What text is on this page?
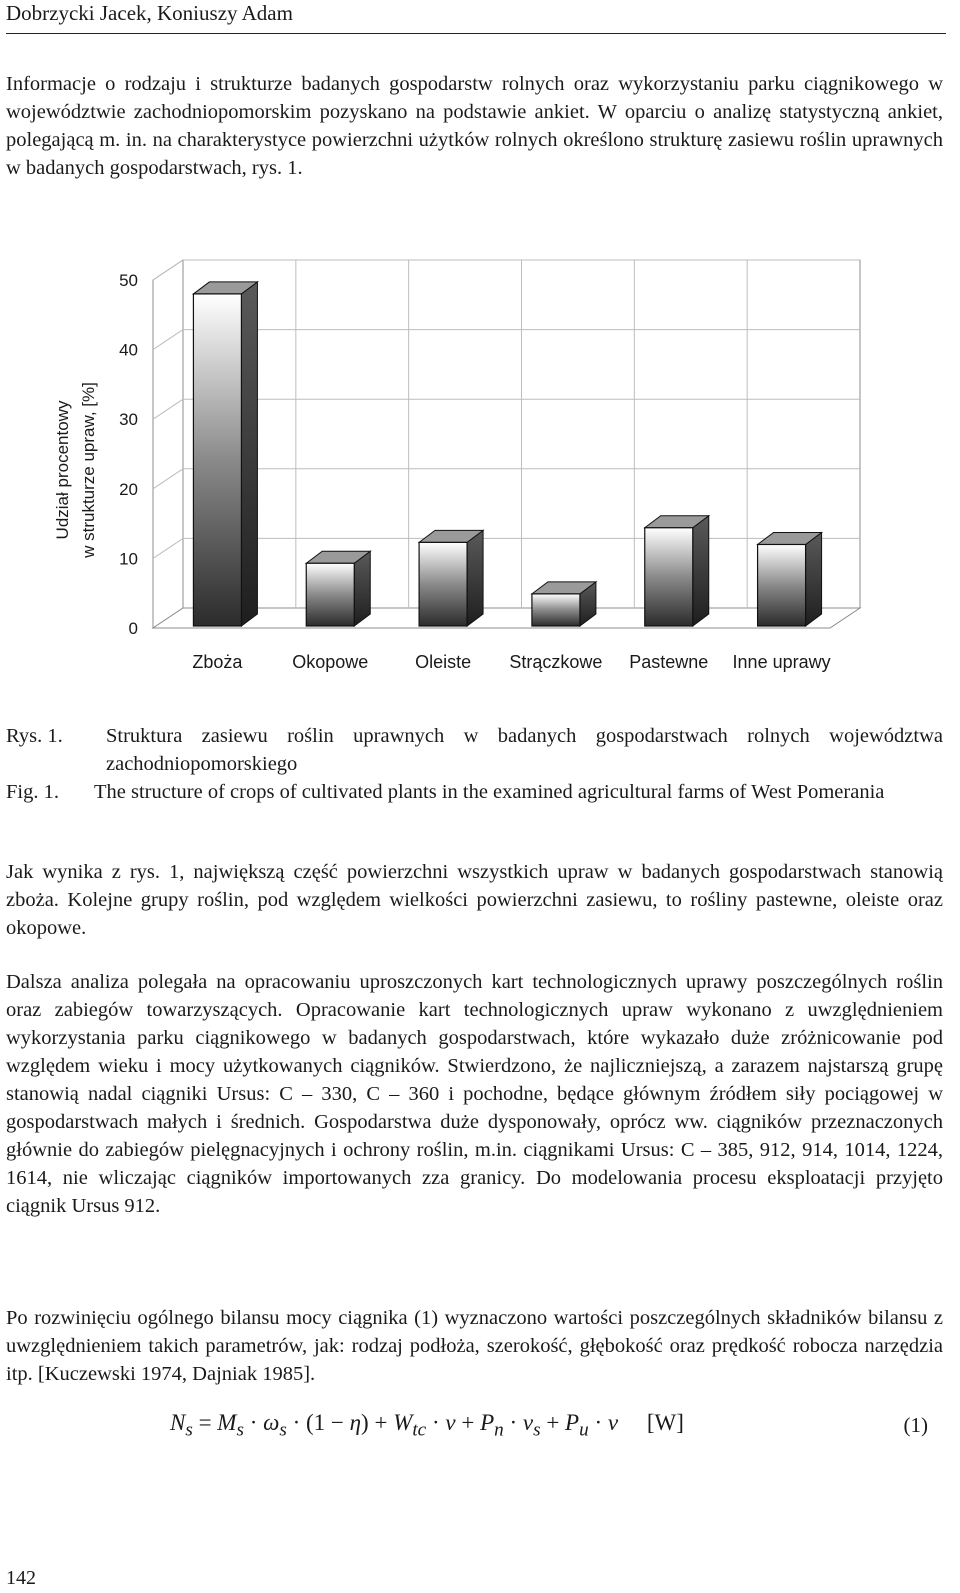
Dobrzycki Jacek, Koniuszy Adam

Informacje o rodzaju i strukturze badanych gospodarstw rolnych oraz wykorzystaniu parku ciągnikowego w województwie zachodniopomorskim pozyskano na podstawie ankiet. W oparciu o analizę statystyczną ankiet, polegającą m. in. na charakterystyce powierzchni użytków rolnych określono strukturę zasiewu roślin uprawnych w badanych gospodarstwach, rys. 1.

0
10
20
30
40
50
Udział procentowy w strukturze upraw, [%]
Zboża	Okopowe	Oleiste Strączkowe Pastewne Inne uprawy
Rys. 1.	Struktura zasiewu roślin uprawnych w badanych gospodarstwach rolnych województwa zachodniopomorskiego
Fig. 1.	The structure of crops of cultivated plants in the examined agricultural farms of West Pomerania

Jak wynika z rys. 1, największą część powierzchni wszystkich upraw w badanych gospodarstwach stanowią zboża. Kolejne grupy roślin, pod względem wielkości powierzchni zasiewu, to rośliny pastewne, oleiste oraz okopowe.

Dalsza analiza polegała na opracowaniu uproszczonych kart technologicznych uprawy poszczególnych roślin oraz zabiegów towarzyszących. Opracowanie kart technologicznych upraw wykonano z uwzględnieniem wykorzystania parku ciągnikowego w badanych gospodarstwach, które wykazało duże zróżnicowanie pod względem wieku i mocy użytkowanych ciągników. Stwierdzono, że najliczniejszą, a zarazem najstarszą grupę stanowią nadal ciągniki Ursus: C – 330, C – 360 i pochodne, będące głównym źródłem siły pociągowej w gospodarstwach małych i średnich. Gospodarstwa duże dysponowały, oprócz ww. ciągników przeznaczonych głównie do zabiegów pielęgnacyjnych i ochrony roślin, m.in. ciągnikami Ursus: C – 385, 912, 914, 1014, 1224, 1614, nie wliczając ciągników importowanych zza granicy. Do modelowania procesu eksploatacji przyjęto ciągnik Ursus 912.

Po rozwinięciu ogólnego bilansu mocy ciągnika (1) wyznaczono wartości poszczególnych składników bilansu z uwzględnieniem takich parametrów, jak: rodzaj podłoża, szerokość, głębokość oraz prędkość robocza narzędzia itp. [Kuczewski 1974, Dajniak 1985].

$N_s = M_s \cdot \omega_s \cdot (1 - \eta) + W_{tc} \cdot v + P_n \cdot v_s + P_u \cdot v$ [W]	(1)
142
